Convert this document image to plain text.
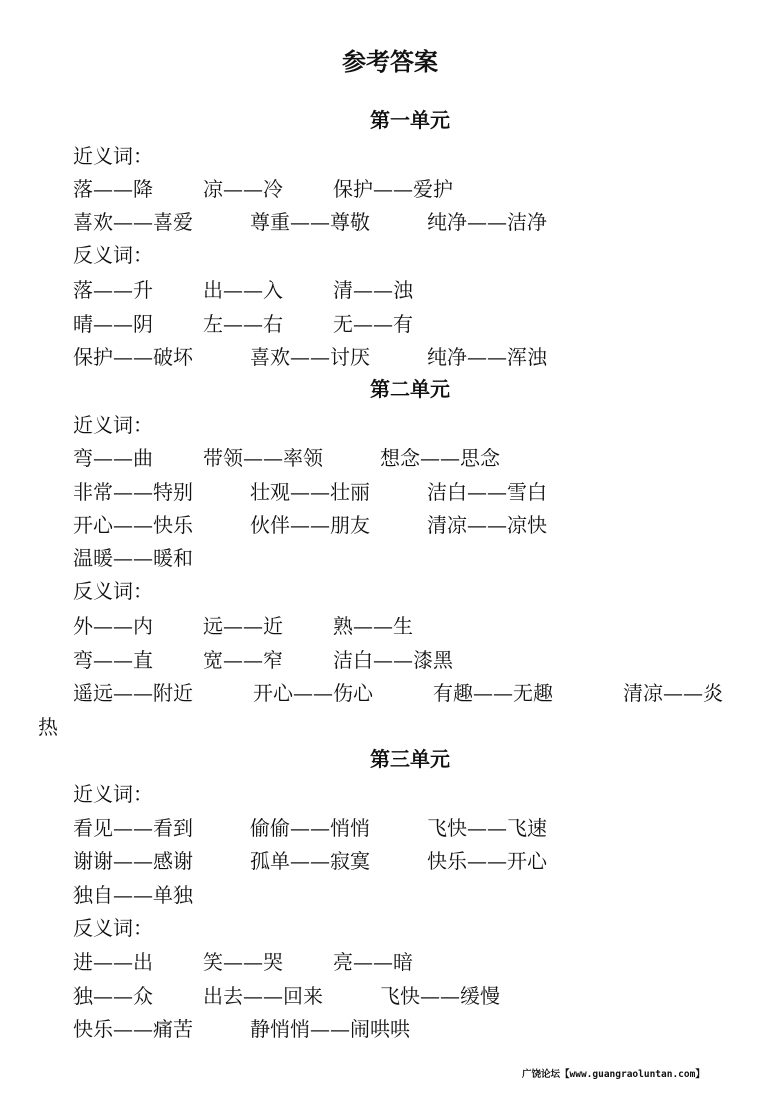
参考答案
第一单元
近义词：
落——降	凉——冷	保护——爱护
喜欢——喜爱	尊重——尊敬	纯净——洁净
反义词：
落——升	出——入	清——浊
晴——阴	左——右	无——有
保护——破坏	喜欢——讨厌	纯净——浑浊
第二单元
近义词：
弯——曲	带领——率领	想念——思念
非常——特别	壮观——壮丽	洁白——雪白
开心——快乐	伙伴——朋友	清凉——凉快
温暖——暖和
反义词：
外——内	远——近	熟——生
弯——直	宽——窄	洁白——漆黑
遥远——附近	开心——伤心	有趣——无趣	清凉——炎
热
第三单元
近义词：
看见——看到	偷偷——悄悄	飞快——飞速
谢谢——感谢	孤单——寂寞	快乐——开心
独自——单独
反义词：
进——出	笑——哭	亮——暗
独——众	出去——回来	飞快——缓慢
快乐——痛苦	静悄悄——闹哄哄
广饶论坛【www.guangraoluntan.com】
